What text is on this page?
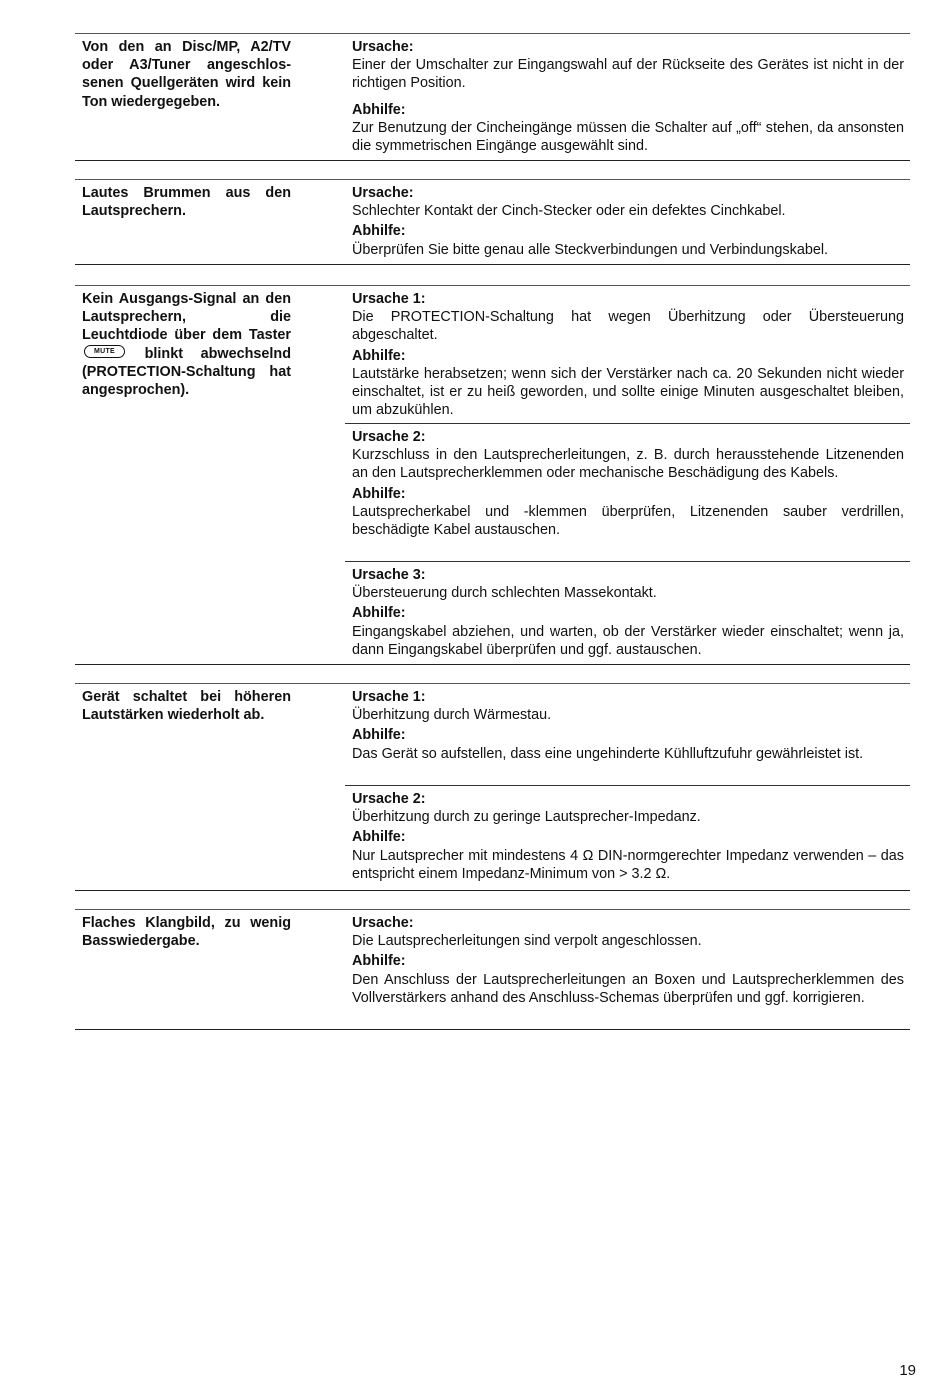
Von den an Disc/MP, A2/TV oder A3/Tuner angeschlossenen Quellgeräten wird kein Ton wiedergegeben.
Ursache:
Einer der Umschalter zur Eingangswahl auf der Rückseite des Gerätes ist nicht in der richtigen Position.
Abhilfe:
Zur Benutzung der Cincheingänge müssen die Schalter auf „off“ stehen, da ansonsten die symmetrischen Eingänge ausgewählt sind.
Lautes Brummen aus den Lautsprechern.
Ursache:
Schlechter Kontakt der Cinch-Stecker oder ein defektes Cinchkabel.
Abhilfe:
Überprüfen Sie bitte genau alle Steckverbindungen und Verbindungskabel.
Kein Ausgangs-Signal an den Lautsprechern, die Leuchtdiode über dem Taster MUTE blinkt abwechselnd (PROTECTION-Schaltung hat angesprochen).
Ursache 1:
Die PROTECTION-Schaltung hat wegen Überhitzung oder Übersteuerung abgeschaltet.
Abhilfe:
Lautstärke herabsetzen; wenn sich der Verstärker nach ca. 20 Sekunden nicht wieder einschaltet, ist er zu heiß geworden, und sollte einige Minuten ausgeschaltet bleiben, um abzukühlen.
Ursache 2:
Kurzschluss in den Lautsprecherleitungen, z. B. durch herausstehende Litzenenden an den Lautsprecherklemmen oder mechanische Beschädigung des Kabels.
Abhilfe:
Lautsprecherkabel und -klemmen überprüfen, Litzenenden sauber verdrillen, beschädigte Kabel austauschen.
Ursache 3:
Übersteuerung durch schlechten Massekontakt.
Abhilfe:
Eingangskabel abziehen, und warten, ob der Verstärker wieder einschaltet; wenn ja, dann Eingangskabel überprüfen und ggf. austauschen.
Gerät schaltet bei höheren Lautstärken wiederholt ab.
Ursache 1:
Überhitzung durch Wärmestau.
Abhilfe:
Das Gerät so aufstellen, dass eine ungehinderte Kühlluftzufuhr gewährleistet ist.
Ursache 2:
Überhitzung durch zu geringe Lautsprecher-Impedanz.
Abhilfe:
Nur Lautsprecher mit mindestens 4 Ω DIN-normgerechter Impedanz verwenden – das entspricht einem Impedanz-Minimum von > 3.2 Ω.
Flaches Klangbild, zu wenig Basswiedergabe.
Ursache:
Die Lautsprecherleitungen sind verpolt angeschlossen.
Abhilfe:
Den Anschluss der Lautsprecherleitungen an Boxen und Lautsprecherklemmen des Vollverstärkers anhand des Anschluss-Schemas überprüfen und ggf. korrigieren.
19
